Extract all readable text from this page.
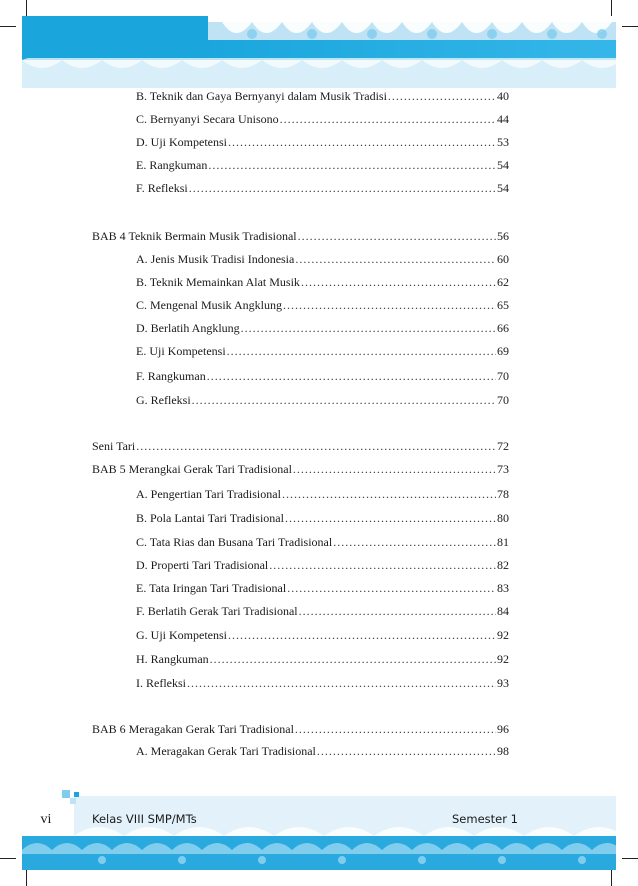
B. Teknik dan Gaya Bernyanyi dalam Musik Tradisi .....	40
C. Bernyanyi Secara Unisono .....	44
D. Uji Kompetensi .....	53
E. Rangkuman .....	54
F. Refleksi .....	54
BAB 4 Teknik Bermain Musik Tradisional .....	56
A. Jenis Musik Tradisi Indonesia .....	60
B. Teknik Memainkan Alat Musik .....	62
C. Mengenal Musik Angklung .....	65
D. Berlatih Angklung .....	66
E. Uji Kompetensi .....	69
F. Rangkuman .....	70
G. Refleksi .....	70
Seni Tari .....	72
BAB 5 Merangkai Gerak Tari Tradisional .....	73
A. Pengertian Tari Tradisional .....	78
B. Pola Lantai Tari Tradisional .....	80
C. Tata Rias dan Busana Tari Tradisional .....	81
D. Properti Tari Tradisional .....	82
E. Tata Iringan Tari Tradisional .....	83
F. Berlatih Gerak Tari Tradisional .....	84
G. Uji Kompetensi .....	92
H. Rangkuman .....	92
I. Refleksi .....	93
BAB 6 Meragakan Gerak Tari Tradisional .....	96
A. Meragakan Gerak Tari Tradisional .....	98
vi	Kelas VIII SMP/MTs	Semester 1
